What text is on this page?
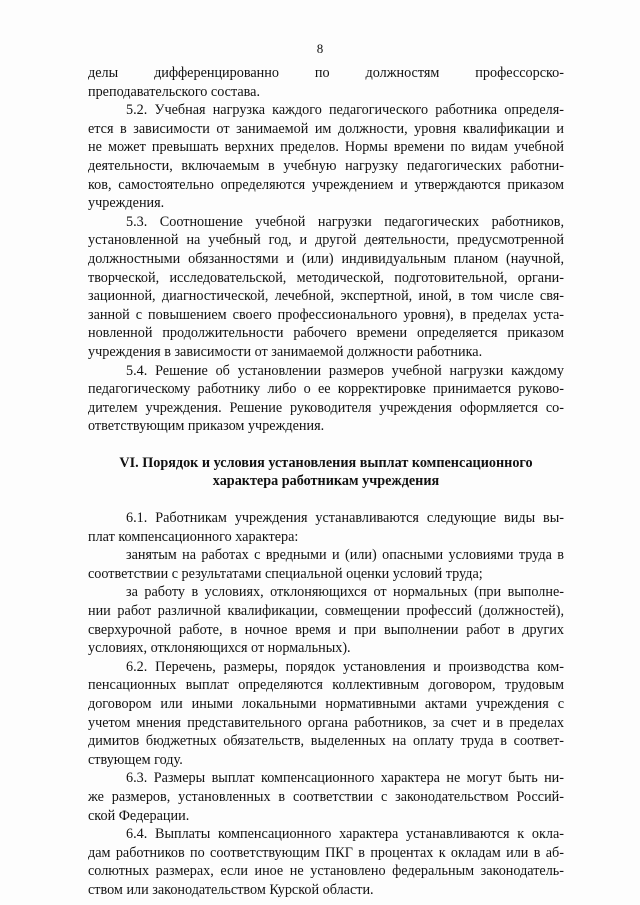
8
делы дифференцированно по должностям профессорско-
преподавательского состава.
5.2. Учебная нагрузка каждого педагогического работника определя-
ется в зависимости от занимаемой им должности, уровня квалификации и
не может превышать верхних пределов. Нормы времени по видам учебной
деятельности, включаемым в учебную нагрузку педагогических работни-
ков, самостоятельно определяются учреждением и утверждаются приказом
учреждения.
5.3. Соотношение учебной нагрузки педагогических работников,
установленной на учебный год, и другой деятельности, предусмотренной
должностными обязанностями и (или) индивидуальным планом (научной,
творческой, исследовательской, методической, подготовительной, органи-
зационной, диагностической, лечебной, экспертной, иной, в том числе свя-
занной с повышением своего профессионального уровня), в пределах уста-
новленной продолжительности рабочего времени определяется приказом
учреждения в зависимости от занимаемой должности работника.
5.4. Решение об установлении размеров учебной нагрузки каждому
педагогическому работнику либо о ее корректировке принимается руково-
дителем учреждения. Решение руководителя учреждения оформляется со-
ответствующим приказом учреждения.
VI. Порядок и условия установления выплат компенсационного
характера работникам учреждения
6.1. Работникам учреждения устанавливаются следующие виды вы-
плат компенсационного характера:
занятым на работах с вредными и (или) опасными условиями труда в
соответствии с результатами специальной оценки условий труда;
за работу в условиях, отклоняющихся от нормальных (при выполне-
нии работ различной квалификации, совмещении профессий (должностей),
сверхурочной работе, в ночное время и при выполнении работ в других
условиях, отклоняющихся от нормальных).
6.2. Перечень, размеры, порядок установления и производства ком-
пенсационных выплат определяются коллективным договором, трудовым
договором или иными локальными нормативными актами учреждения с
учетом мнения представительного органа работников, за счет и в пределах
димитов бюджетных обязательств, выделенных на оплату труда в соответ-
ствующем году.
6.3. Размеры выплат компенсационного характера не могут быть ни-
же размеров, установленных в соответствии с законодательством Россий-
ской Федерации.
6.4. Выплаты компенсационного характера устанавливаются к окла-
дам работников по соответствующим ПКГ в процентах к окладам или в аб-
солютных размерах, если иное не установлено федеральным законодатель-
ством или законодательством Курской области.
